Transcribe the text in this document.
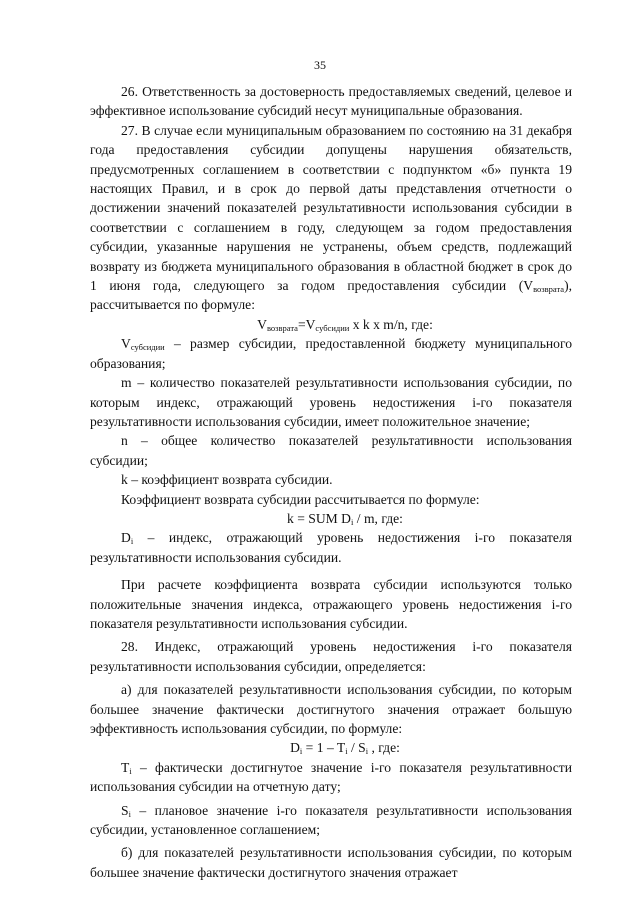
35

26. Ответственность за достоверность предоставляемых сведений, целевое и эффективное использование субсидий несут муниципальные образования.

27. В случае если муниципальным образованием по состоянию на 31 декабря года предоставления субсидии допущены нарушения обязательств, предусмотренных соглашением в соответствии с подпунктом «б» пункта 19 настоящих Правил, и в срок до первой даты представления отчетности о достижении значений показателей результативности использования субсидии в соответствии с соглашением в году, следующем за годом предоставления субсидии, указанные нарушения не устранены, объем средств, подлежащий возврату из бюджета муниципального образования в областной бюджет в срок до 1 июня года, следующего за годом предоставления субсидии $(V_{возврата})$, рассчитывается по формуле:

$V_{возврата}=V_{субсидии}$ x k x m/n, где:

$V_{субсидии}$ – размер субсидии, предоставленной бюджету муниципального образования;

m – количество показателей результативности использования субсидии, по которым индекс, отражающий уровень недостижения i-го показателя результативности использования субсидии, имеет положительное значение;

n – общее количество показателей результативности использования субсидии;

k – коэффициент возврата субсидии.

Коэффициент возврата субсидии рассчитывается по формуле:

k = SUM $D_i$ / m, где:

$D_i$ – индекс, отражающий уровень недостижения i-го показателя результативности использования субсидии.

При расчете коэффициента возврата субсидии используются только положительные значения индекса, отражающего уровень недостижения i-го показателя результативности использования субсидии.

28. Индекс, отражающий уровень недостижения i-го показателя результативности использования субсидии, определяется:

а) для показателей результативности использования субсидии, по которым большее значение фактически достигнутого значения отражает большую эффективность использования субсидии, по формуле:

$D_i = 1 - T_i / S_i$ , где:

$T_i$ – фактически достигнутое значение i-го показателя результативности использования субсидии на отчетную дату;

$S_i$ – плановое значение i-го показателя результативности использования субсидии, установленное соглашением;

б) для показателей результативности использования субсидии, по которым большее значение фактически достигнутого значения отражает
